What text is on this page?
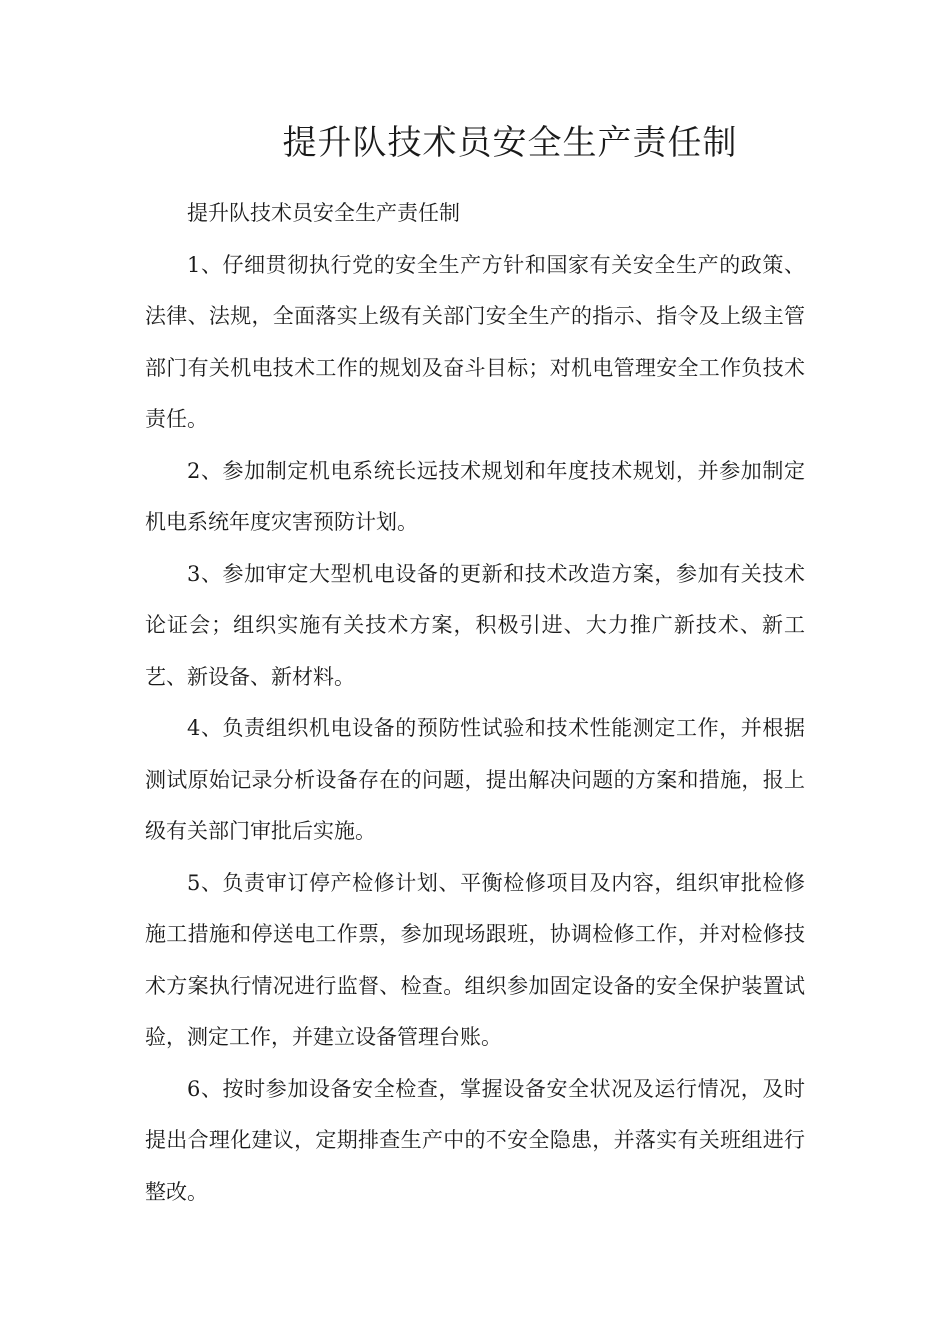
提升队技术员安全生产责任制

提升队技术员安全生产责任制

1、仔细贯彻执行党的安全生产方针和国家有关安全生产的政策、法律、法规，全面落实上级有关部门安全生产的指示、指令及上级主管部门有关机电技术工作的规划及奋斗目标；对机电管理安全工作负技术责任。

2、参加制定机电系统长远技术规划和年度技术规划，并参加制定机电系统年度灾害预防计划。

3、参加审定大型机电设备的更新和技术改造方案，参加有关技术论证会；组织实施有关技术方案，积极引进、大力推广新技术、新工艺、新设备、新材料。

4、负责组织机电设备的预防性试验和技术性能测定工作，并根据测试原始记录分析设备存在的问题，提出解决问题的方案和措施，报上级有关部门审批后实施。

5、负责审订停产检修计划、平衡检修项目及内容，组织审批检修施工措施和停送电工作票，参加现场跟班，协调检修工作，并对检修技术方案执行情况进行监督、检查。组织参加固定设备的安全保护装置试验，测定工作，并建立设备管理台账。

6、按时参加设备安全检查，掌握设备安全状况及运行情况，及时提出合理化建议，定期排查生产中的不安全隐患，并落实有关班组进行整改。
